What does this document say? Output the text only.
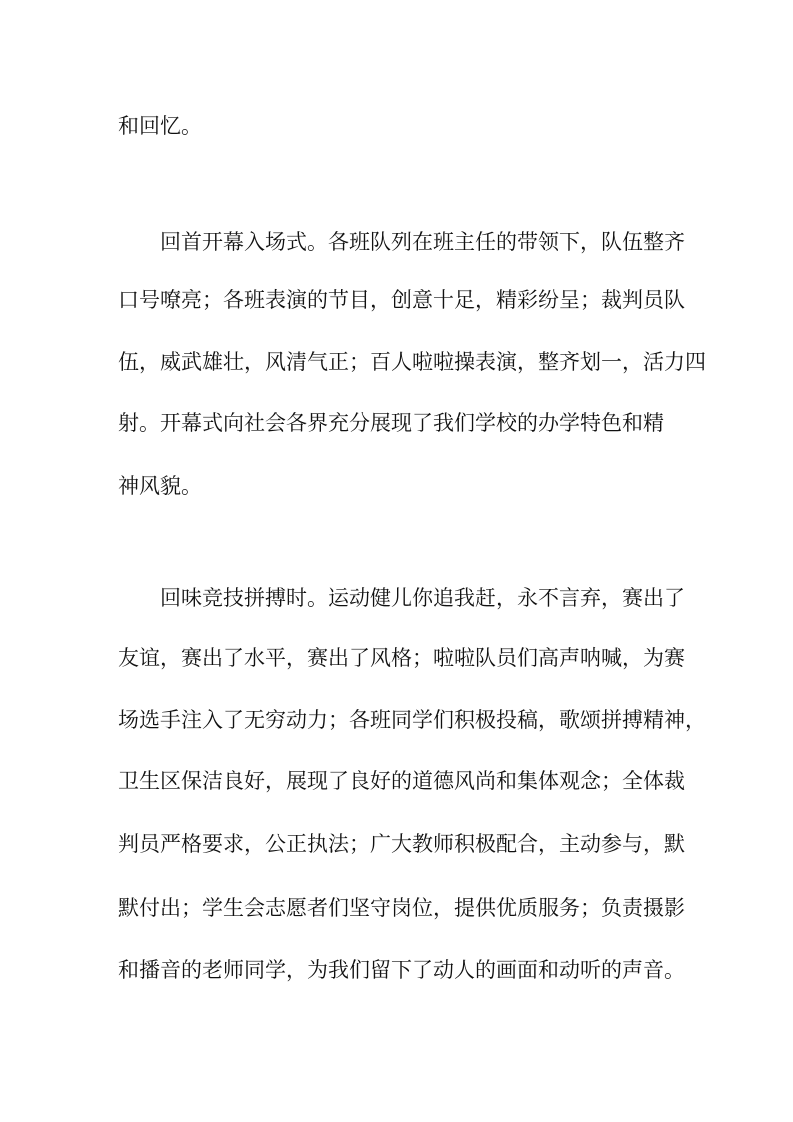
和回忆。
回首开幕入场式。各班队列在班主任的带领下，队伍整齐
口号嘹亮；各班表演的节目，创意十足，精彩纷呈；裁判员队
伍，威武雄壮，风清气正；百人啦啦操表演，整齐划一，活力四
射。开幕式向社会各界充分展现了我们学校的办学特色和精
神风貌。
回味竞技拼搏时。运动健儿你追我赶，永不言弃，赛出了
友谊，赛出了水平，赛出了风格；啦啦队员们高声呐喊，为赛
场选手注入了无穷动力；各班同学们积极投稿，歌颂拼搏精神，
卫生区保洁良好，展现了良好的道德风尚和集体观念；全体裁
判员严格要求，公正执法；广大教师积极配合，主动参与，默
默付出；学生会志愿者们坚守岗位，提供优质服务；负责摄影
和播音的老师同学，为我们留下了动人的画面和动听的声音。
